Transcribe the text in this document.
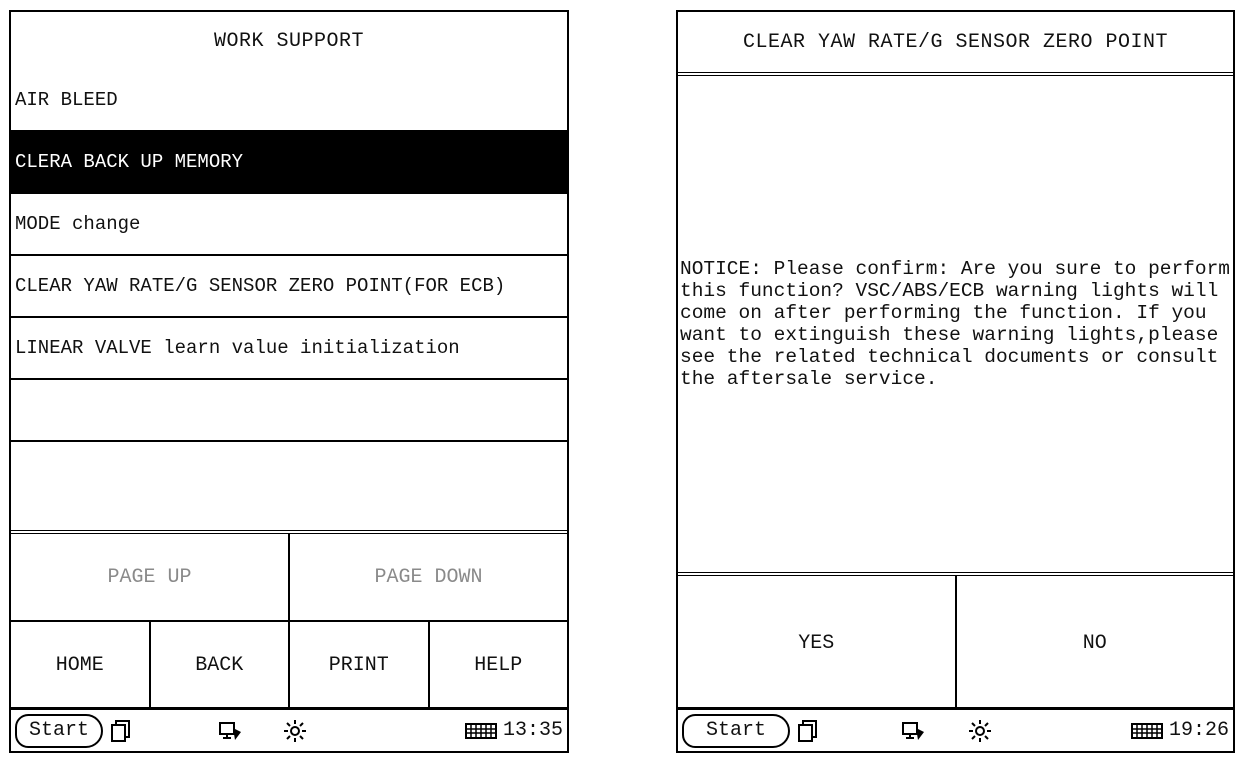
WORK SUPPORT
AIR BLEED
CLERA BACK UP MEMORY
MODE change
CLEAR YAW RATE/G SENSOR ZERO POINT(FOR ECB)
LINEAR VALVE learn value initialization
PAGE UP	PAGE DOWN
HOME	BACK	PRINT	HELP
Start	13:35
CLEAR YAW RATE/G SENSOR ZERO POINT
NOTICE: Please confirm: Are you sure to perform this function? VSC/ABS/ECB warning lights will come on after performing the function. If you want to extinguish these warning lights,please see the related technical documents or consult the aftersale service.
YES	NO
Start	19:26
